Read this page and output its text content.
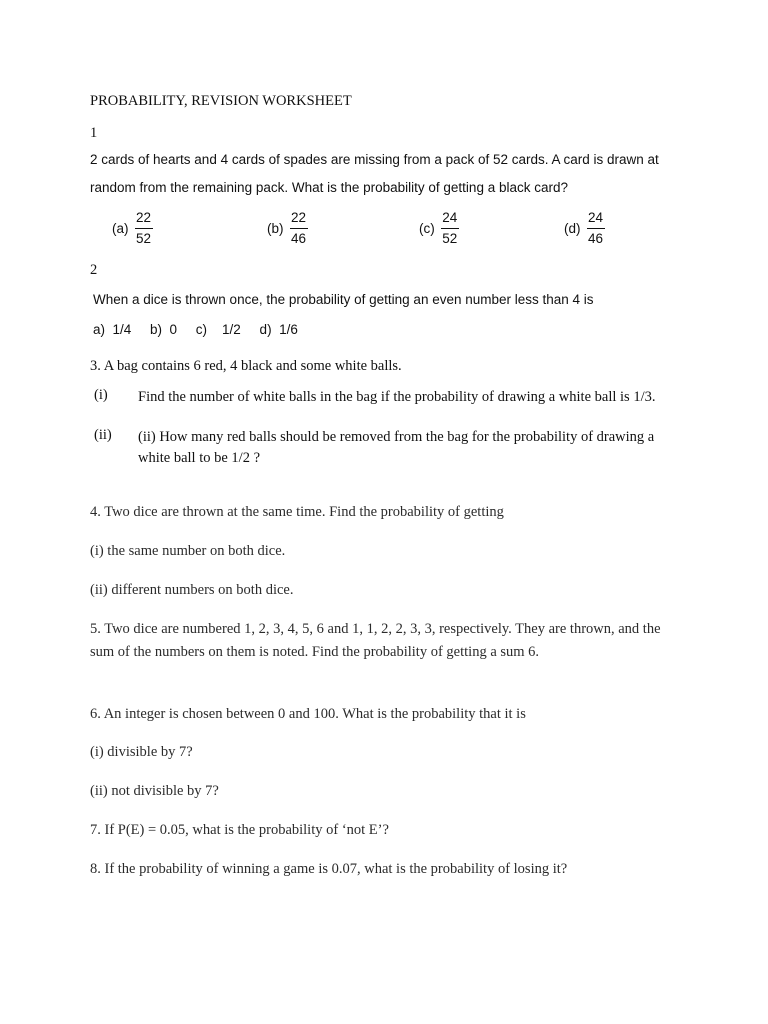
PROBABILITY, REVISION WORKSHEET
1
2 cards of hearts and 4 cards of spades are missing from a pack of 52 cards. A card is drawn at
random from the remaining pack. What is the probability of getting a black card?
$(a) \frac{22}{52}$	$(b) \frac{22}{46}$	$(c) \frac{24}{52}$	$(d) \frac{24}{46}$
2
When a dice is thrown once, the probability of getting an even number less than 4 is
a)  1/4     b)  0     c)    1/2     d)  1/6
3. A bag contains 6 red, 4 black and some white balls.
(i) Find the number of white balls in the bag if the probability of drawing a white ball is 1/3.
(ii) (ii) How many red balls should be removed from the bag for the probability of drawing a white ball to be 1/2 ?
4. Two dice are thrown at the same time. Find the probability of getting
(i) the same number on both dice.
(ii) different numbers on both dice.
5. Two dice are numbered 1, 2, 3, 4, 5, 6 and 1, 1, 2, 2, 3, 3, respectively. They are thrown, and the sum of the numbers on them is noted. Find the probability of getting a sum 6.
6. An integer is chosen between 0 and 100. What is the probability that it is
(i) divisible by 7?
(ii) not divisible by 7?
7. If P(E) = 0.05, what is the probability of ‘not E’?
8. If the probability of winning a game is 0.07, what is the probability of losing it?
